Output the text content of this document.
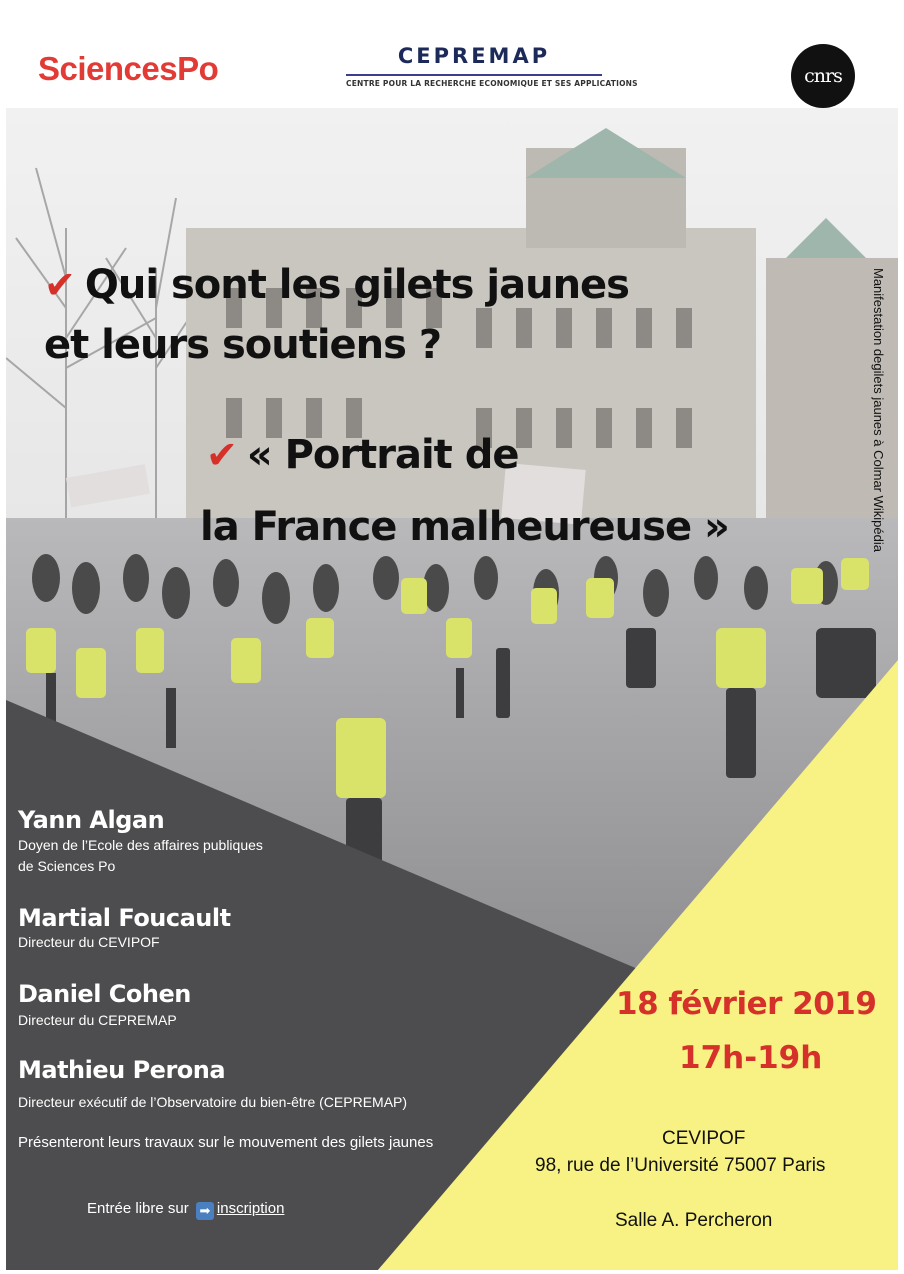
SciencesPo	CEPREMAP
CENTRE POUR LA RECHERCHE ECONOMIQUE ET SES APPLICATIONS	cnrs
✔ Qui sont les gilets jaunes
et leurs soutiens ?
✔ « Portrait de
la France malheureuse »	Manifestation degilets jaunes à Colmar Wikipédia
Yann Algan
Doyen de l’Ecole des affaires publiques
de Sciences Po
Martial Foucault
Directeur du CEVIPOF
Daniel Cohen
Directeur du CEPREMAP
Mathieu Perona
Directeur exécutif de l’Observatoire du bien-être (CEPREMAP)
Présenteront leurs travaux sur le mouvement des gilets jaunes
Entrée libre sur ➡ inscription
18 février 2019
17h-19h
CEVIPOF
98, rue de l’Université 75007 Paris
Salle A. Percheron
